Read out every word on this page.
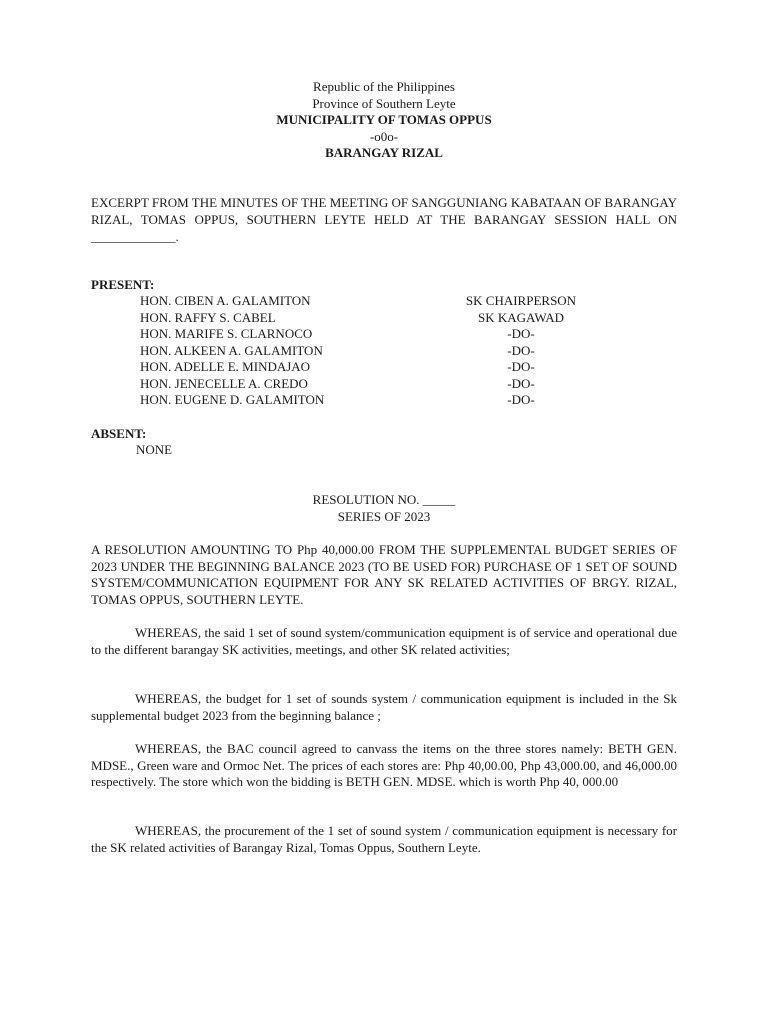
Republic of the Philippines
Province of Southern Leyte
MUNICIPALITY OF TOMAS OPPUS
-o0o-
BARANGAY RIZAL
EXCERPT FROM THE MINUTES OF THE MEETING OF SANGGUNIANG KABATAAN OF BARANGAY RIZAL, TOMAS OPPUS, SOUTHERN LEYTE HELD AT THE BARANGAY SESSION HALL ON _____________.
PRESENT:
HON. CIBEN A. GALAMITON	SK CHAIRPERSON
HON. RAFFY S. CABEL	SK KAGAWAD
HON. MARIFE S. CLARNOCO	-DO-
HON. ALKEEN A. GALAMITON	-DO-
HON. ADELLE E. MINDAJAO	-DO-
HON. JENECELLE A. CREDO	-DO-
HON. EUGENE D. GALAMITON	-DO-
ABSENT:
NONE
RESOLUTION NO. _____
SERIES OF 2023
A RESOLUTION AMOUNTING TO Php 40,000.00 FROM THE SUPPLEMENTAL BUDGET SERIES OF 2023 UNDER THE BEGINNING BALANCE 2023 (TO BE USED FOR) PURCHASE OF 1 SET OF SOUND SYSTEM/COMMUNICATION EQUIPMENT FOR ANY SK RELATED ACTIVITIES OF BRGY. RIZAL, TOMAS OPPUS, SOUTHERN LEYTE.
WHEREAS, the said 1 set of sound system/communication equipment is of service and operational due to the different barangay SK activities, meetings, and other SK related activities;
WHEREAS, the budget for 1 set of sounds system / communication equipment is included in the Sk supplemental budget 2023 from the beginning balance ;
WHEREAS, the BAC council agreed to canvass the items on the three stores namely: BETH GEN. MDSE., Green ware and Ormoc Net. The prices of each stores are: Php 40,00.00, Php 43,000.00, and 46,000.00 respectively. The store which won the bidding is BETH GEN. MDSE. which is worth Php 40, 000.00
WHEREAS, the procurement of the 1 set of sound system / communication equipment is necessary for the SK related activities of Barangay Rizal, Tomas Oppus, Southern Leyte.
